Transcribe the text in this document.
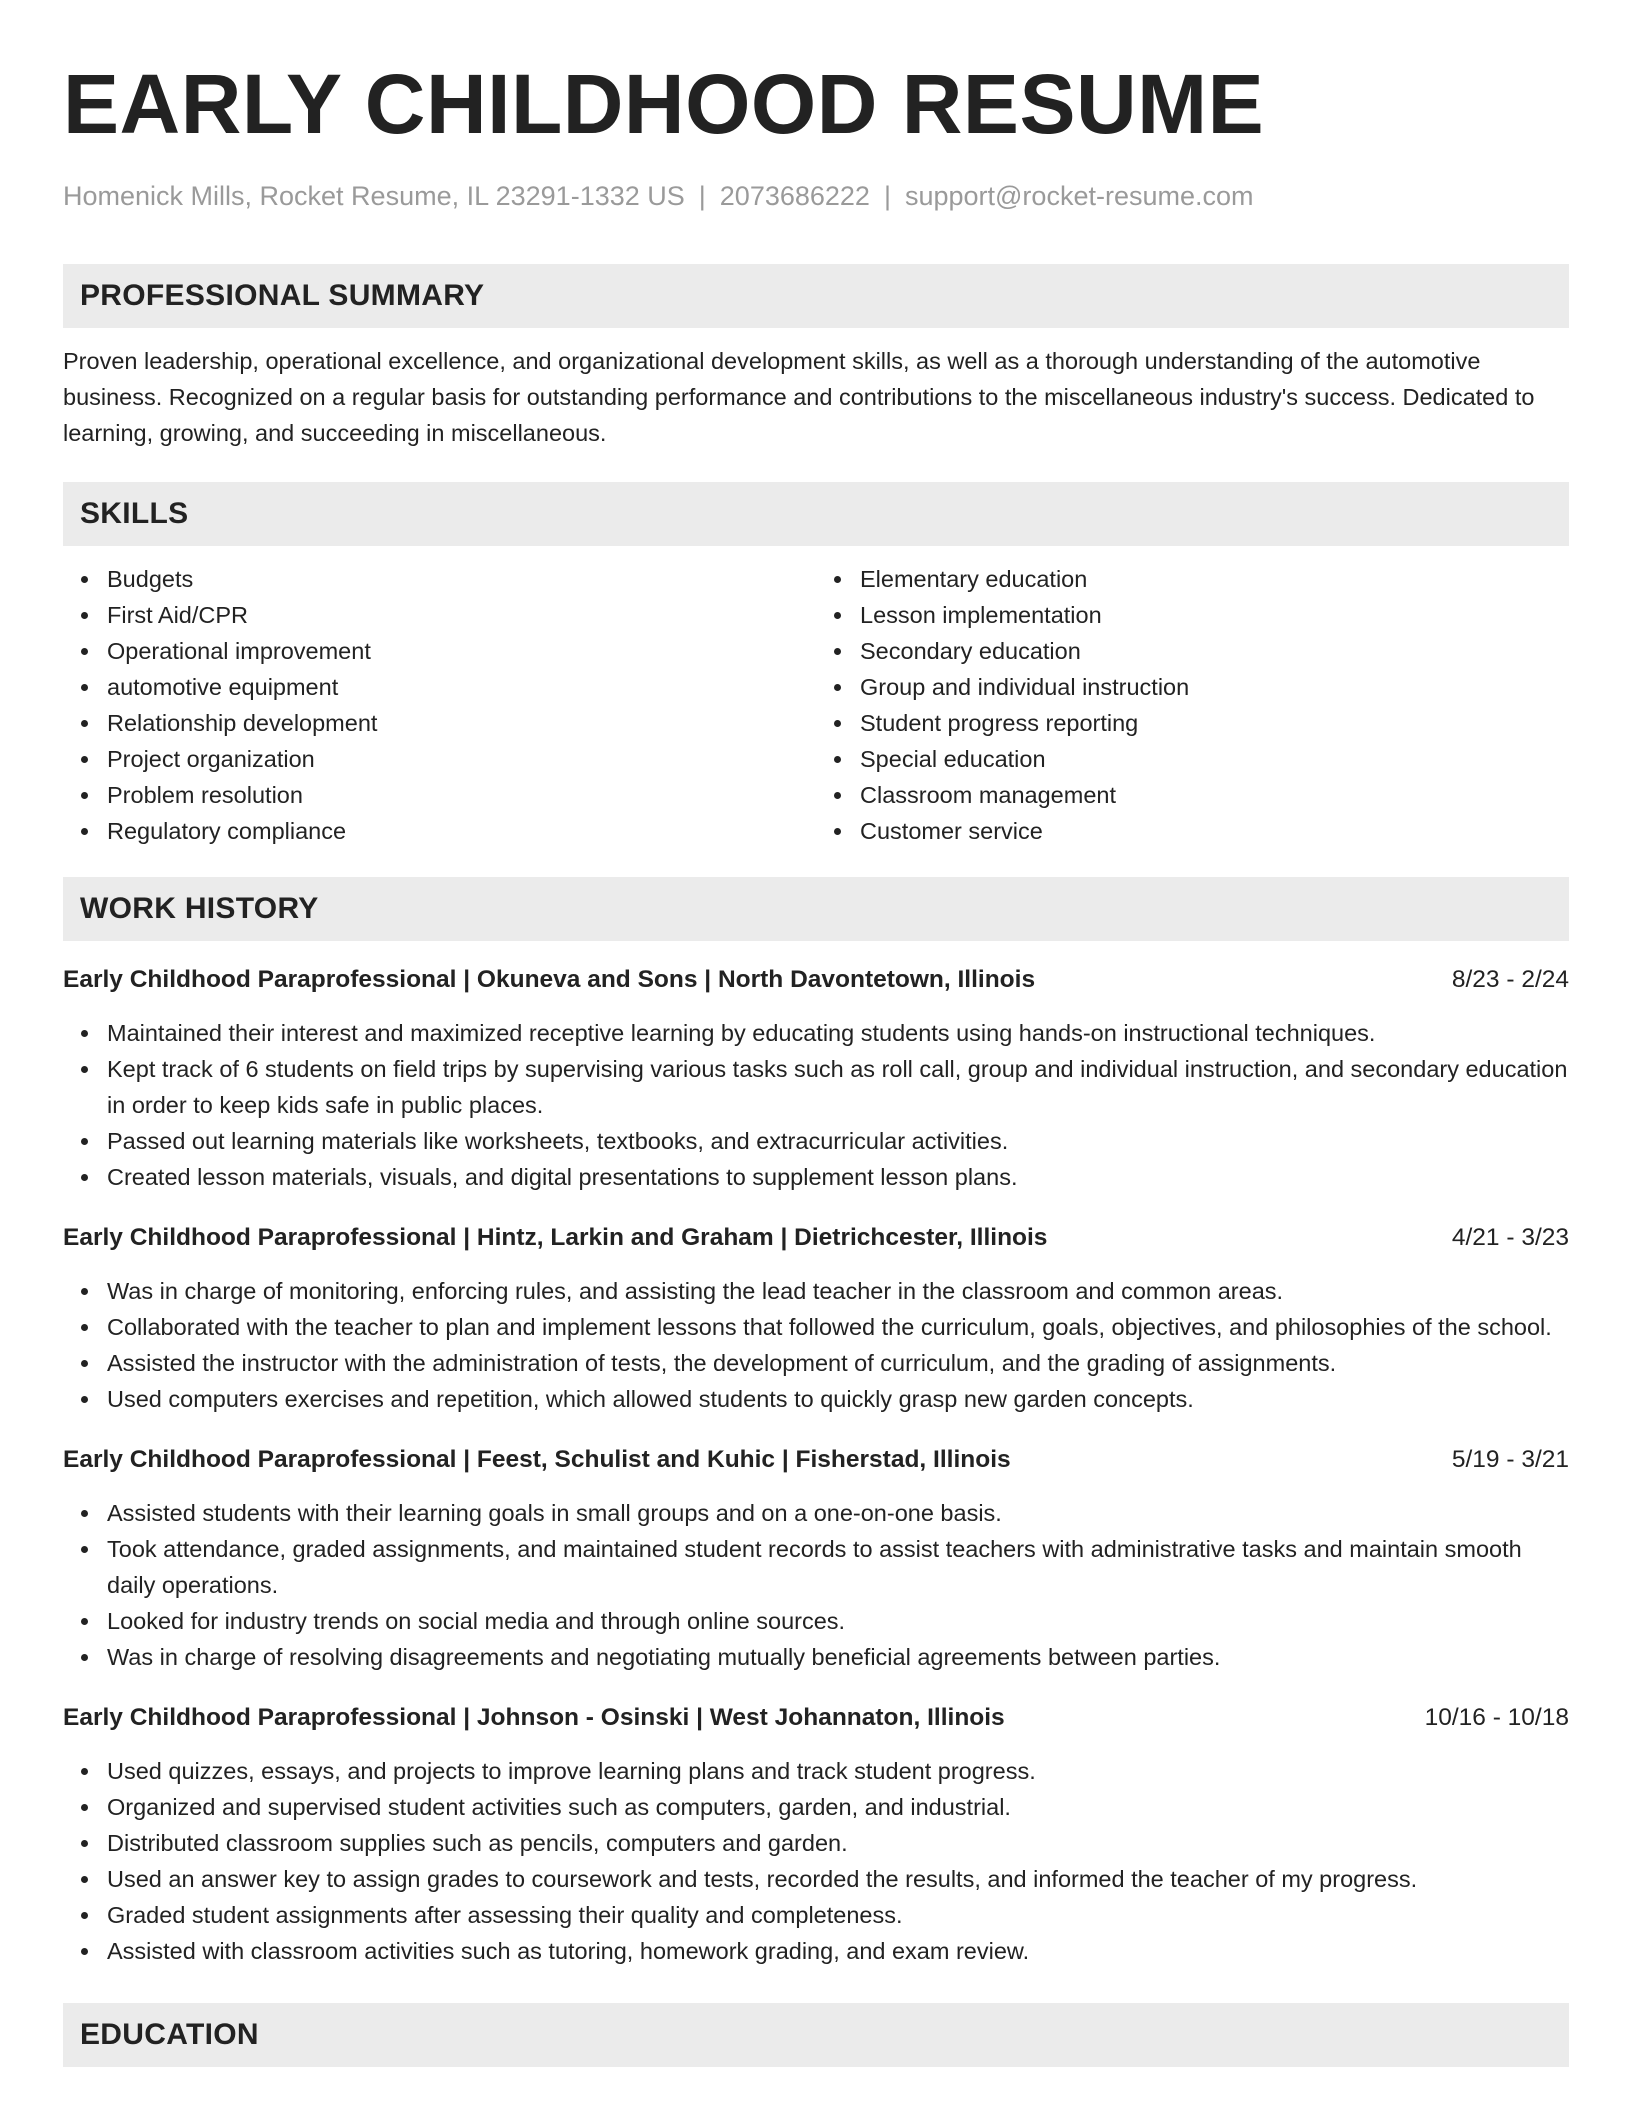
EARLY CHILDHOOD RESUME
Homenick Mills, Rocket Resume, IL 23291-1332 US | 2073686222 | support@rocket-resume.com
PROFESSIONAL SUMMARY

Proven leadership, operational excellence, and organizational development skills, as well as a thorough understanding of the automotive business. Recognized on a regular basis for outstanding performance and contributions to the miscellaneous industry's success. Dedicated to learning, growing, and succeeding in miscellaneous.

SKILLS
Budgets
First Aid/CPR
Operational improvement
automotive equipment
Relationship development
Project organization
Problem resolution
Regulatory compliance
Elementary education
Lesson implementation
Secondary education
Group and individual instruction
Student progress reporting
Special education
Classroom management
Customer service
WORK HISTORY
Early Childhood Paraprofessional | Okuneva and Sons | North Davontetown, Illinois	8/23 - 2/24
Maintained their interest and maximized receptive learning by educating students using hands-on instructional techniques.
Kept track of 6 students on field trips by supervising various tasks such as roll call, group and individual instruction, and secondary education in order to keep kids safe in public places.
Passed out learning materials like worksheets, textbooks, and extracurricular activities.
Created lesson materials, visuals, and digital presentations to supplement lesson plans.
Early Childhood Paraprofessional | Hintz, Larkin and Graham | Dietrichcester, Illinois	4/21 - 3/23
Was in charge of monitoring, enforcing rules, and assisting the lead teacher in the classroom and common areas.
Collaborated with the teacher to plan and implement lessons that followed the curriculum, goals, objectives, and philosophies of the school.
Assisted the instructor with the administration of tests, the development of curriculum, and the grading of assignments.
Used computers exercises and repetition, which allowed students to quickly grasp new garden concepts.
Early Childhood Paraprofessional | Feest, Schulist and Kuhic | Fisherstad, Illinois	5/19 - 3/21
Assisted students with their learning goals in small groups and on a one-on-one basis.
Took attendance, graded assignments, and maintained student records to assist teachers with administrative tasks and maintain smooth daily operations.
Looked for industry trends on social media and through online sources.
Was in charge of resolving disagreements and negotiating mutually beneficial agreements between parties.
Early Childhood Paraprofessional | Johnson - Osinski | West Johannaton, Illinois	10/16 - 10/18
Used quizzes, essays, and projects to improve learning plans and track student progress.
Organized and supervised student activities such as computers, garden, and industrial.
Distributed classroom supplies such as pencils, computers and garden.
Used an answer key to assign grades to coursework and tests, recorded the results, and informed the teacher of my progress.
Graded student assignments after assessing their quality and completeness.
Assisted with classroom activities such as tutoring, homework grading, and exam review.
EDUCATION
